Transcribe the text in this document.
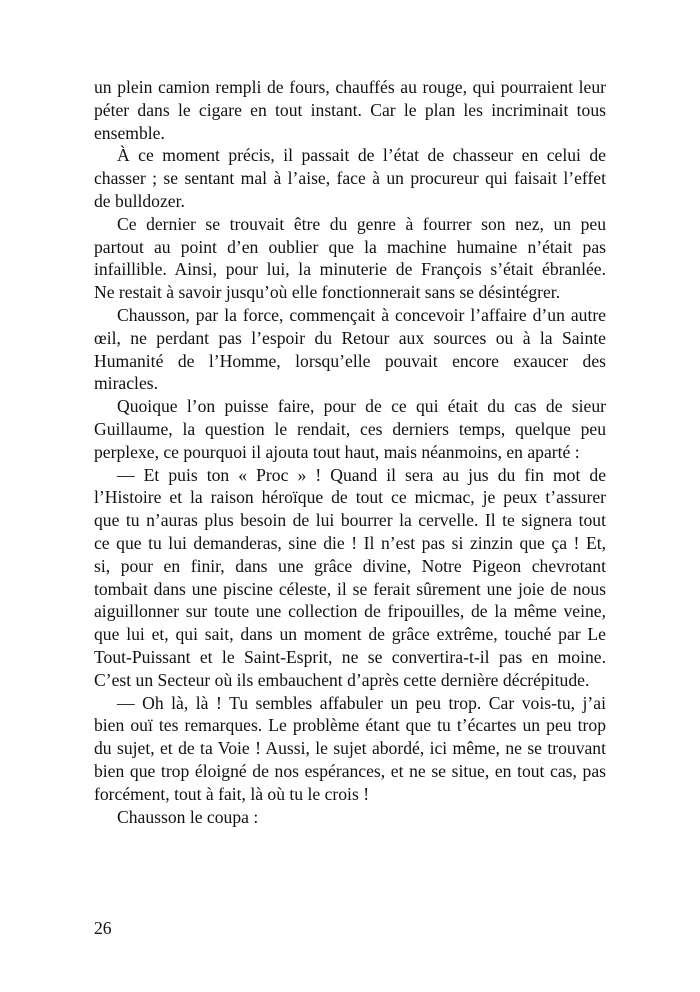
un plein camion rempli de fours, chauffés au rouge, qui pourraient leur
péter dans le cigare en tout instant. Car le plan les incriminait tous
ensemble.
À ce moment précis, il passait de l’état de chasseur en celui de
chasser ; se sentant mal à l’aise, face à un procureur qui faisait l’effet
de bulldozer.
Ce dernier se trouvait être du genre à fourrer son nez, un peu
partout au point d’en oublier que la machine humaine n’était pas
infaillible. Ainsi, pour lui, la minuterie de François s’était ébranlée.
Ne restait à savoir jusqu’où elle fonctionnerait sans se désintégrer.
Chausson, par la force, commençait à concevoir l’affaire d’un autre
œil, ne perdant pas l’espoir du Retour aux sources ou à la Sainte
Humanité de l’Homme, lorsqu’elle pouvait encore exaucer des
miracles.
Quoique l’on puisse faire, pour de ce qui était du cas de sieur
Guillaume, la question le rendait, ces derniers temps, quelque peu
perplexe, ce pourquoi il ajouta tout haut, mais néanmoins, en aparté :
— Et puis ton « Proc » ! Quand il sera au jus du fin mot de
l’Histoire et la raison héroïque de tout ce micmac, je peux t’assurer
que tu n’auras plus besoin de lui bourrer la cervelle. Il te signera tout
ce que tu lui demanderas, sine die ! Il n’est pas si zinzin que ça ! Et,
si, pour en finir, dans une grâce divine, Notre Pigeon chevrotant
tombait dans une piscine céleste, il se ferait sûrement une joie de nous
aiguillonner sur toute une collection de fripouilles, de la même veine,
que lui et, qui sait, dans un moment de grâce extrême, touché par Le
Tout-Puissant et le Saint-Esprit, ne se convertira-t-il pas en moine.
C’est un Secteur où ils embauchent d’après cette dernière décrépitude.
— Oh là, là ! Tu sembles affabuler un peu trop. Car vois-tu, j’ai
bien ouï tes remarques. Le problème étant que tu t’écartes un peu trop
du sujet, et de ta Voie ! Aussi, le sujet abordé, ici même, ne se trouvant
bien que trop éloigné de nos espérances, et ne se situe, en tout cas, pas
forcément, tout à fait, là où tu le crois !
Chausson le coupa :
26
